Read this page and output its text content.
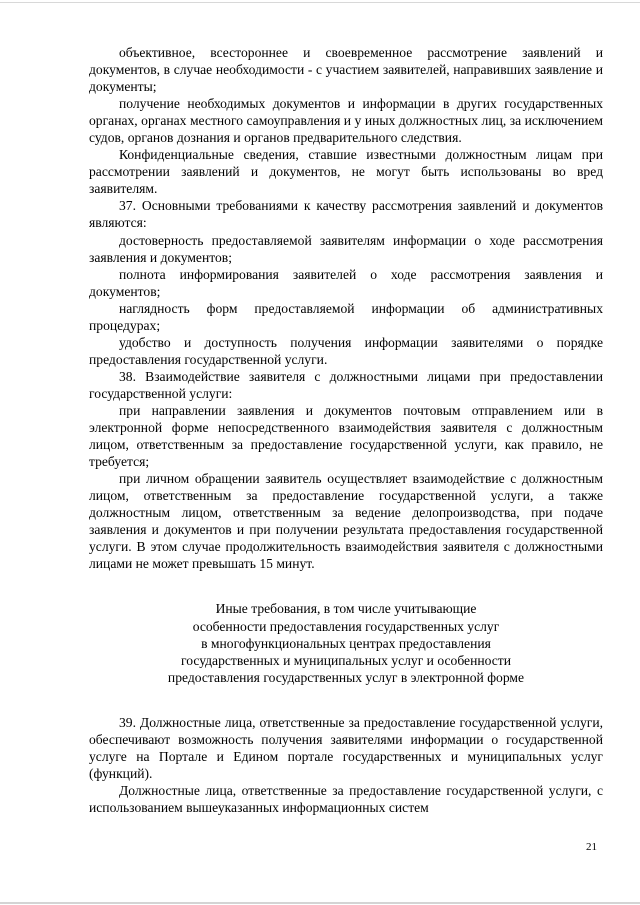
объективное, всестороннее и своевременное рассмотрение заявлений и документов, в случае необходимости - с участием заявителей, направивших заявление и документы;

получение необходимых документов и информации в других государственных органах, органах местного самоуправления и у иных должностных лиц, за исключением судов, органов дознания и органов предварительного следствия.

Конфиденциальные сведения, ставшие известными должностным лицам при рассмотрении заявлений и документов, не могут быть использованы во вред заявителям.

37. Основными требованиями к качеству рассмотрения заявлений и документов являются:

достоверность предоставляемой заявителям информации о ходе рассмотрения заявления и документов;

полнота информирования заявителей о ходе рассмотрения заявления и документов;

наглядность форм предоставляемой информации об административных процедурах;

удобство и доступность получения информации заявителями о порядке предоставления государственной услуги.

38. Взаимодействие заявителя с должностными лицами при предоставлении государственной услуги:

при направлении заявления и документов почтовым отправлением или в электронной форме непосредственного взаимодействия заявителя с должностным лицом, ответственным за предоставление государственной услуги, как правило, не требуется;

при личном обращении заявитель осуществляет взаимодействие с должностным лицом, ответственным за предоставление государственной услуги, а также должностным лицом, ответственным за ведение делопроизводства, при подаче заявления и документов и при получении результата предоставления государственной услуги. В этом случае продолжительность взаимодействия заявителя с должностными лицами не может превышать 15 минут.

Иные требования, в том числе учитывающие
особенности предоставления государственных услуг
в многофункциональных центрах предоставления
государственных и муниципальных услуг и особенности
предоставления государственных услуг в электронной форме

39. Должностные лица, ответственные за предоставление государственной услуги, обеспечивают возможность получения заявителями информации о государственной услуге на Портале и Едином портале государственных и муниципальных услуг (функций).

Должностные лица, ответственные за предоставление государственной услуги, с использованием вышеуказанных информационных систем

21
